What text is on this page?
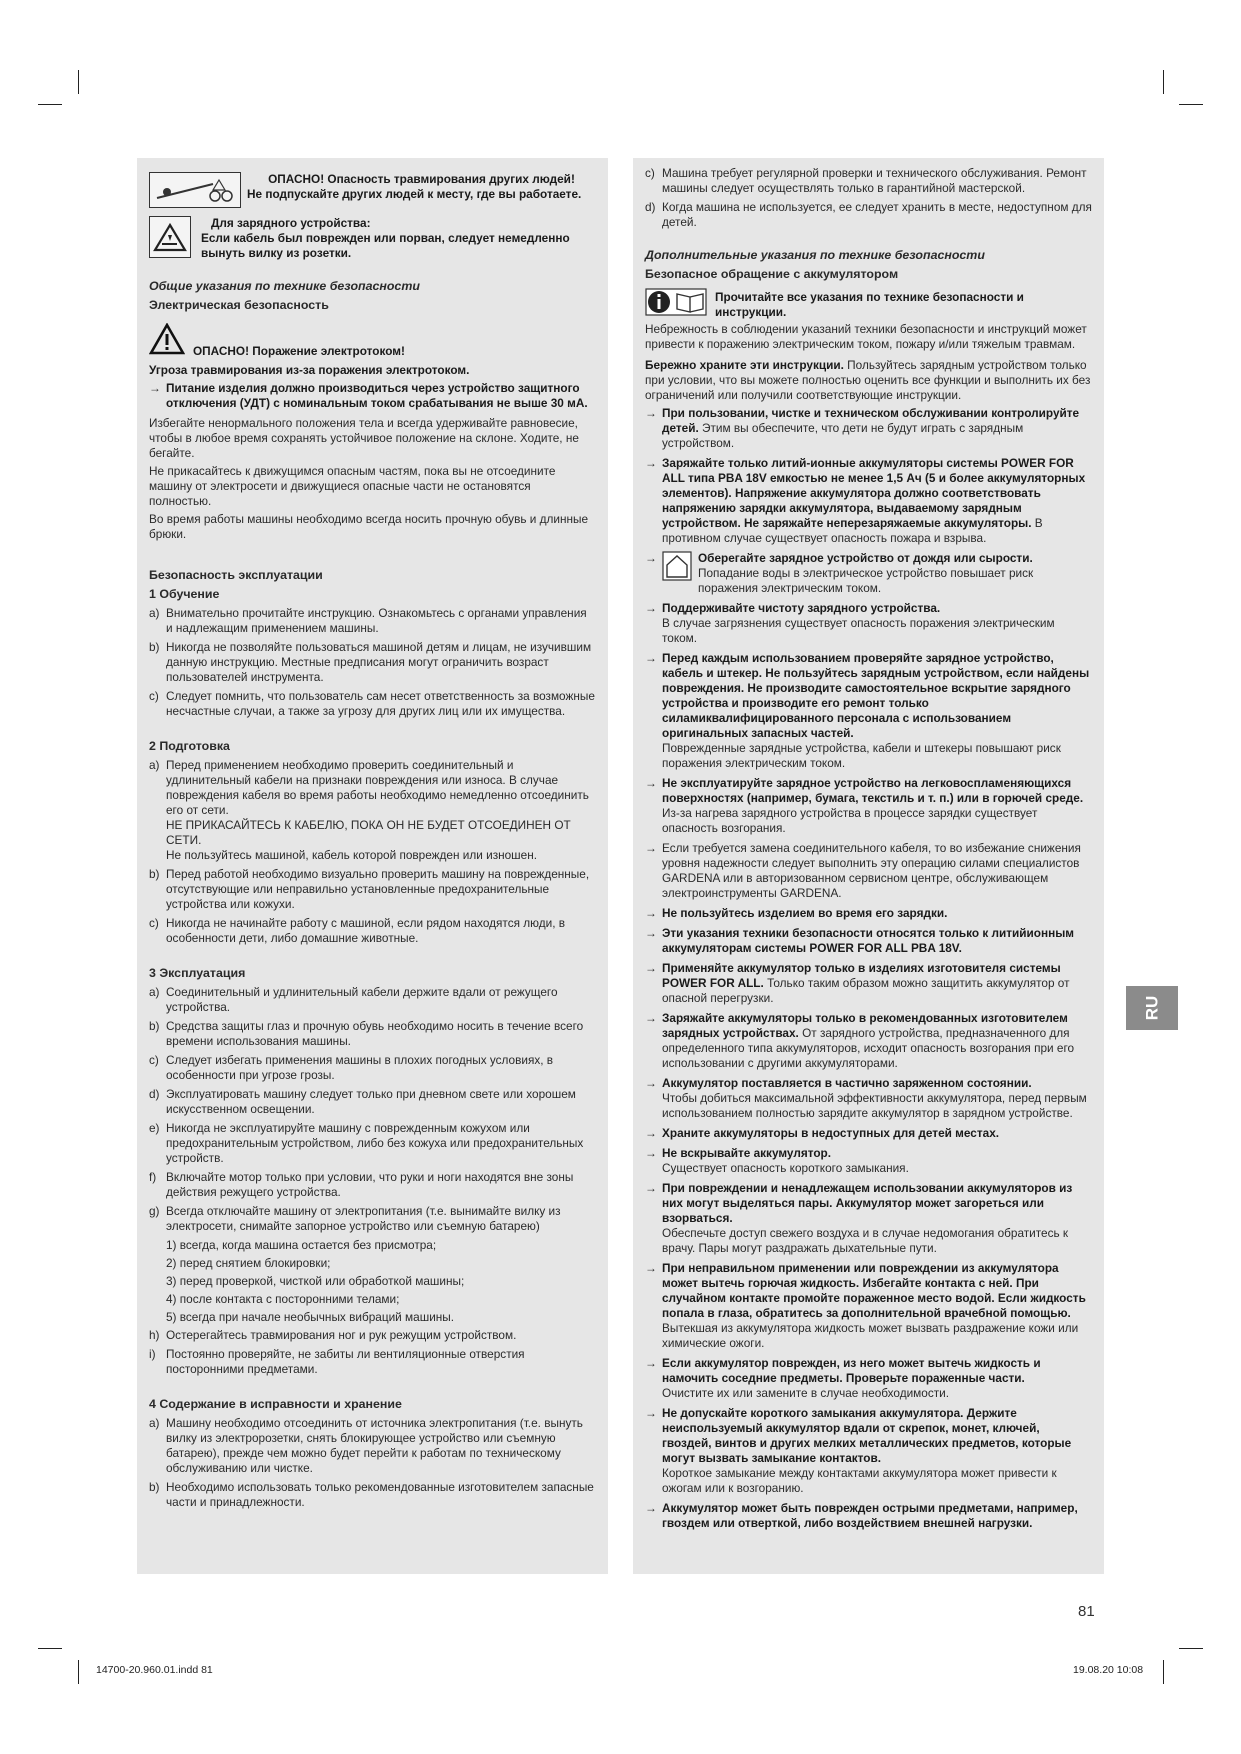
ОПАСНО! Опасность травмирования других людей!
Не подпускайте других людей к месту, где вы работаете.
Для зарядного устройства:
Если кабель был поврежден или порван, следует немедленно вынуть вилку из розетки.
Общие указания по технике безопасности
Электрическая безопасность
ОПАСНО! Поражение электротоком!

Угроза травмирования из-за поражения электротоком.

→ Питание изделия должно производиться через устройство защитного отключения (УДТ) с номинальным током срабатывания не выше 30 мА.

Избегайте ненормального положения тела и всегда удерживайте равновесие, чтобы в любое время сохранять устойчивое положение на склоне. Ходите, не бегайте.

Не прикасайтесь к движущимся опасным частям, пока вы не отсоедините машину от электросети и движущиеся опасные части не остановятся полностью.

Во время работы машины необходимо всегда носить прочную обувь и длинные брюки.

Безопасность эксплуатации
1 Обучение
a) Внимательно прочитайте инструкцию. Ознакомьтесь с органами управления и надлежащим применением машины.
b) Никогда не позволяйте пользоваться машиной детям и лицам, не изучившим данную инструкцию. Местные предписания могут ограничить возраст пользователей инструмента.
c) Следует помнить, что пользователь сам несет ответственность за возможные несчастные случаи, а также за угрозу для других лиц или их имущества.
2 Подготовка
a) Перед применением необходимо проверить соединительный и удлинительный кабели на признаки повреждения или износа. В случае повреждения кабеля во время работы необходимо немедленно отсоединить его от сети.
НЕ ПРИКАСАЙТЕСЬ К КАБЕЛЮ, ПОКА ОН НЕ БУДЕТ ОТСОЕДИНЕН ОТ СЕТИ.
Не пользуйтесь машиной, кабель которой поврежден или изношен.
b) Перед работой необходимо визуально проверить машину на поврежденные, отсутствующие или неправильно установленные предохранительные устройства или кожухи.
c) Никогда не начинайте работу с машиной, если рядом находятся люди, в особенности дети, либо домашние животные.
3 Эксплуатация
a) Соединительный и удлинительный кабели держите вдали от режущего устройства.
b) Средства защиты глаз и прочную обувь необходимо носить в течение всего времени использования машины.
c) Следует избегать применения машины в плохих погодных условиях, в особенности при угрозе грозы.
d) Эксплуатировать машину следует только при дневном свете или хорошем искусственном освещении.
e) Никогда не эксплуатируйте машину с поврежденным кожухом или предохранительным устройством, либо без кожуха или предохранительных устройств.
f) Включайте мотор только при условии, что руки и ноги находятся вне зоны действия режущего устройства.
g) Всегда отключайте машину от электропитания (т.е. вынимайте вилку из электросети, снимайте запорное устройство или съемную батарею)

1) всегда, когда машина остается без присмотра;

2) перед снятием блокировки;

3) перед проверкой, чисткой или обработкой машины;

4) после контакта с посторонними телами;

5) всегда при начале необычных вибраций машины.

h) Остерегайтесь травмирования ног и рук режущим устройством.
i) Постоянно проверяйте, не забиты ли вентиляционные отверстия посторонними предметами.
4 Содержание в исправности и хранение
a) Машину необходимо отсоединить от источника электропитания (т.е. вынуть вилку из электророзетки, снять блокирующее устройство или съемную батарею), прежде чем можно будет перейти к работам по техническому обслуживанию или чистке.
b) Необходимо использовать только рекомендованные изготовителем запасные части и принадлежности.
c) Машина требует регулярной проверки и технического обслуживания. Ремонт машины следует осуществлять только в гарантийной мастерской.
d) Когда машина не используется, ее следует хранить в месте, недоступном для детей.
Дополнительные указания по технике безопасности
Безопасное обращение с аккумулятором
Прочитайте все указания по технике безопасности и инструкции.

Небрежность в соблюдении указаний техники безопасности и инструкций может привести к поражению электрическим током, пожару и/или тяжелым травмам.

Бережно храните эти инструкции. Пользуйтесь зарядным устройством только при условии, что вы можете полностью оценить все функции и выполнить их без ограничений или получили соответствующие инструкции.

→ При пользовании, чистке и техническом обслуживании контролируйте детей. Этим вы обеспечите, что дети не будут играть с зарядным устройством.
→ Заряжайте только литий-ионные аккумуляторы системы POWER FOR ALL типа PBA 18V емкостью не менее 1,5 Ач (5 и более аккумуляторных элементов). Напряжение аккумулятора должно соответствовать напряжению зарядки аккумулятора, выдаваемому зарядным устройством. Не заряжайте неперезаряжаемые аккумуляторы. В противном случае существует опасность пожара и взрыва.
→	Оберегайте зарядное устройство от дождя или сырости.
Попадание воды в электрическое устройство повышает риск поражения электрическим током.
→ Поддерживайте чистоту зарядного устройства.
В случае загрязнения существует опасность поражения электрическим током.
→ Перед каждым использованием проверяйте зарядное устройство, кабель и штекер. Не пользуйтесь зарядным устройством, если найдены повреждения. Не производите самостоятельное вскрытие зарядного устройства и производите его ремонт только силамиквалифицированного персонала с использованием оригинальных запасных частей.
Поврежденные зарядные устройства, кабели и штекеры повышают риск поражения электрическим током.
→ Не эксплуатируйте зарядное устройство на легковоспламеняющихся поверхностях (например, бумага, текстиль и т. п.) или в горючей среде. Из-за нагрева зарядного устройства в процессе зарядки существует опасность возгорания.
→ Если требуется замена соединительного кабеля, то во избежание снижения уровня надежности следует выполнить эту операцию силами специалистов GARDENA или в авторизованном сервисном центре, обслуживающем электроинструменты GARDENA.
→ Не пользуйтесь изделием во время его зарядки.
→ Эти указания техники безопасности относятся только к литийионным аккумуляторам системы POWER FOR ALL PBA 18V.
→ Применяйте аккумулятор только в изделиях изготовителя системы POWER FOR ALL. Только таким образом можно защитить аккумулятор от опасной перегрузки.
→ Заряжайте аккумуляторы только в рекомендованных изготовителем зарядных устройствах. От зарядного устройства, предназначенного для определенного типа аккумуляторов, исходит опасность возгорания при его использовании с другими аккумуляторами.
→ Аккумулятор поставляется в частично заряженном состоянии.
Чтобы добиться максимальной эффективности аккумулятора, перед первым использованием полностью зарядите аккумулятор в зарядном устройстве.
→ Храните аккумуляторы в недоступных для детей местах.
→ Не вскрывайте аккумулятор.
Существует опасность короткого замыкания.
→ При повреждении и ненадлежащем использовании аккумуляторов из них могут выделяться пары. Аккумулятор может загореться или взорваться.
Обеспечьте доступ свежего воздуха и в случае недомогания обратитесь к врачу. Пары могут раздражать дыхательные пути.
→ При неправильном применении или повреждении из аккумулятора может вытечь горючая жидкость. Избегайте контакта с ней. При случайном контакте промойте пораженное место водой. Если жидкость попала в глаза, обратитесь за дополнительной врачебной помощью. Вытекшая из аккумулятора жидкость может вызвать раздражение кожи или химические ожоги.
→ Если аккумулятор поврежден, из него может вытечь жидкость и намочить соседние предметы. Проверьте пораженные части.
Очистите их или замените в случае необходимости.
→ Не допускайте короткого замыкания аккумулятора. Держите неиспользуемый аккумулятор вдали от скрепок, монет, ключей, гвоздей, винтов и других мелких металлических предметов, которые могут вызвать замыкание контактов.
Короткое замыкание между контактами аккумулятора может привести к ожогам или к возгоранию.
→ Аккумулятор может быть поврежден острыми предметами, например, гвоздем или отверткой, либо воздействием внешней нагрузки.
RU
81
14700-20.960.01.indd 81	19.08.20 10:08
